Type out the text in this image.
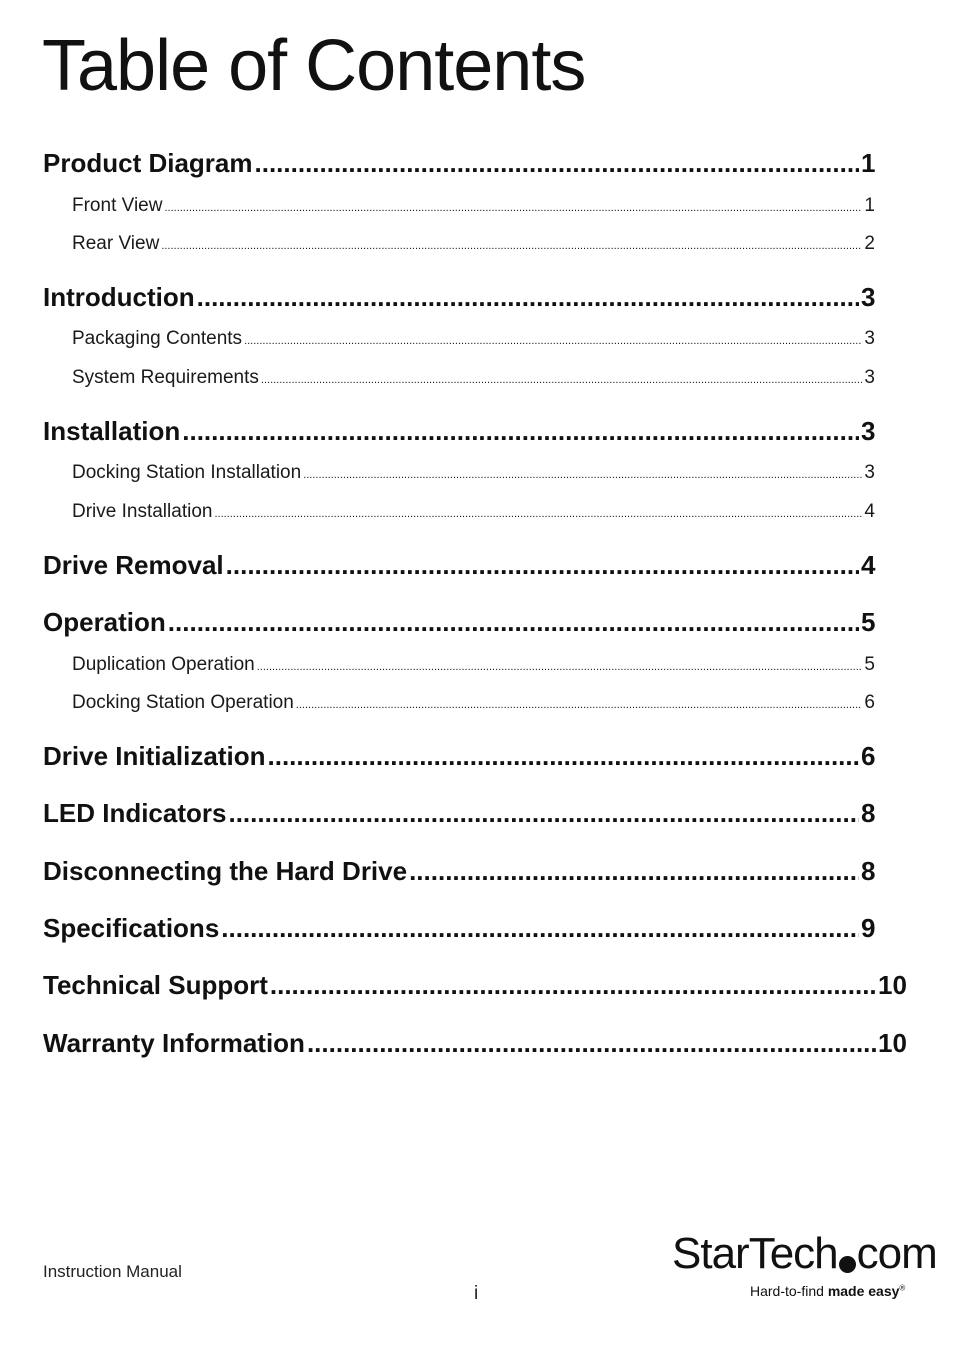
Table of Contents
Product Diagram .....	1
Front View .....	1
Rear View .....	2
Introduction .....	3
Packaging Contents .....	3
System Requirements .....	3
Installation .....	3
Docking Station Installation .....	3
Drive Installation .....	4
Drive Removal .....	4
Operation .....	5
Duplication Operation .....	5
Docking Station Operation .....	6
Drive Initialization .....	6
LED Indicators .....	8
Disconnecting the Hard Drive .....	8
Specifications .....	9
Technical Support .....	10
Warranty Information .....	10
Instruction Manual
i
StarTech com
Hard-to-find made easy®
